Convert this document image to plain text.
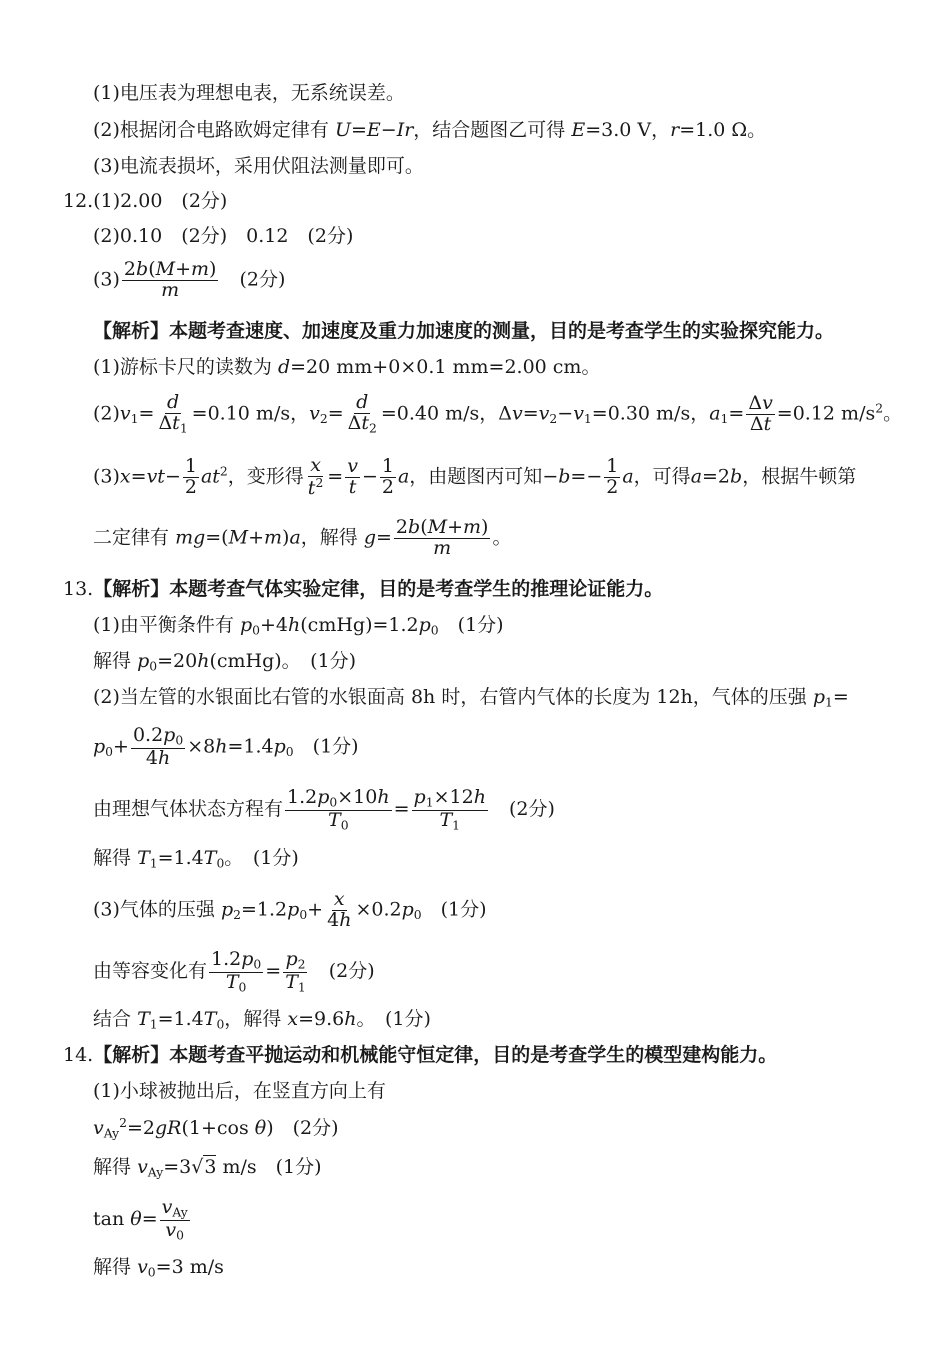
(1)电压表为理想电表，无系统误差。
(2)根据闭合电路欧姆定律有 U=E−Ir，结合题图乙可得 E=3.0 V，r=1.0 Ω。
(3)电流表损坏，采用伏阻法测量即可。
12.(1)2.00　(2分)
(2)0.10　(2分)　0.12　(2分)
$(3) \frac{2b(M+m)}{m}$
　 (2分)
【解析】本题考查速度、加速度及重力加速度的测量，目的是考查学生的实验探究能力。
(1)游标卡尺的读数为 d=20 mm+0×0.1 mm=2.00 cm。
$(2)v_1= \frac{d}{\Delta t_1} =0.10$ m/s，$v_2= \frac{d}{\Delta t_2} =0.40$ m/s，$\Delta v=v_2-v_1=0.30$ m/s，$a_1= \frac{\Delta v}{\Delta t} =0.12$ $m/s^2$。
$(3)x=vt- \frac{1}{2} at^2$，变形得 $\frac{x}{t^2} = \frac{v}{t} - \frac{1}{2}$ a，由题图丙可知$-b=- \frac{1}{2}$ a，可得a=2b，根据牛顿第
二定律有 mg=(M+m)a，解得 $g= \frac{2b(M+m)}{m}$ 。
13.【解析】本题考查气体实验定律，目的是考查学生的推理论证能力。
(1)由平衡条件有 $p_0+4h(cmHg)=1.2p_0$　 (1分)
解得 $p_0=20h(cmHg)$。　(1分)
(2)当左管的水银面比右管的水银面高 8h 时，右管内气体的长度为 12h，气体的压强 $p_1=$
$p_0+ \frac{0.2p_0}{4h} \times 8h=1.4p_0$　 (1分)
由理想气体状态方程有 $\frac{1.2p_0\times 10h}{T_0} = \frac{p_1\times 12h}{T_1}$
　 (2分)
解得 $T_1=1.4T_0$。　(1分)
(3)气体的压强 $p_2=1.2p_0+ \frac{x}{4h} \times 0.2p_0$　 (1分)
由等容变化有 $\frac{1.2p_0}{T_0} = \frac{p_2}{T_1}$
　 (2分)
结合 $T_1=1.4T_0$，解得 x=9.6h。　(1分)
14.【解析】本题考查平抛运动和机械能守恒定律，目的是考查学生的模型建构能力。
(1)小球被抛出后，在竖直方向上有
$v_{Ay}^2=2gR(1+\cos$ θ)　(2分)
解得 $v_{Ay}=3√3$ m/s　(1分)
$\tan \theta= \frac{v_{Ay}}{v_0}$
解得 $v_0=3$ m/s
